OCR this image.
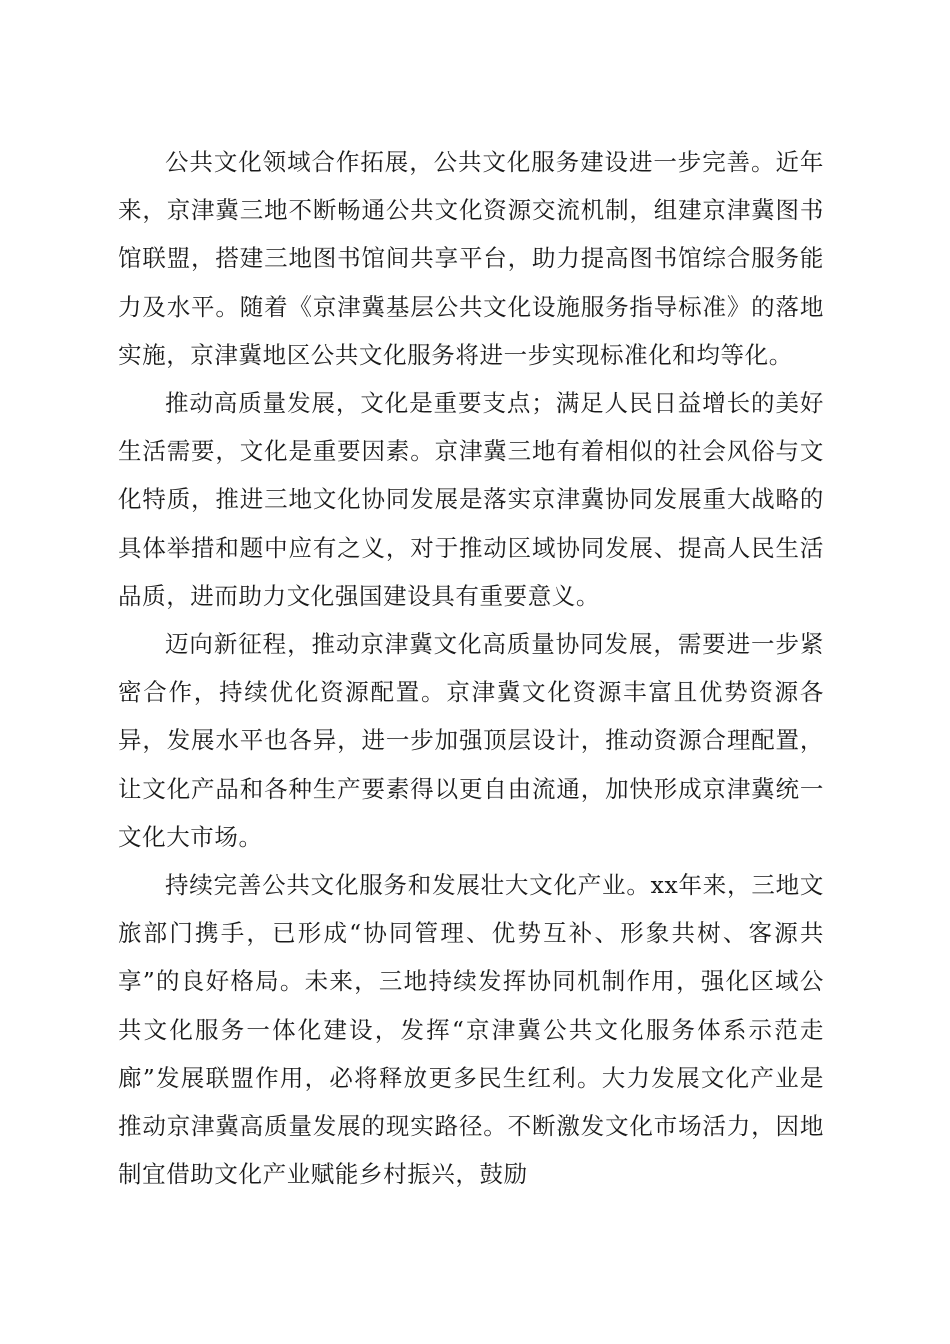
公共文化领域合作拓展，公共文化服务建设进一步完善。近年来，京津冀三地不断畅通公共文化资源交流机制，组建京津冀图书馆联盟，搭建三地图书馆间共享平台，助力提高图书馆综合服务能力及水平。随着《京津冀基层公共文化设施服务指导标准》的落地实施，京津冀地区公共文化服务将进一步实现标准化和均等化。

推动高质量发展，文化是重要支点；满足人民日益增长的美好生活需要，文化是重要因素。京津冀三地有着相似的社会风俗与文化特质，推进三地文化协同发展是落实京津冀协同发展重大战略的具体举措和题中应有之义，对于推动区域协同发展、提高人民生活品质，进而助力文化强国建设具有重要意义。

迈向新征程，推动京津冀文化高质量协同发展，需要进一步紧密合作，持续优化资源配置。京津冀文化资源丰富且优势资源各异，发展水平也各异，进一步加强顶层设计，推动资源合理配置，让文化产品和各种生产要素得以更自由流通，加快形成京津冀统一文化大市场。

持续完善公共文化服务和发展壮大文化产业。xx年来，三地文旅部门携手，已形成“协同管理、优势互补、形象共树、客源共享”的良好格局。未来，三地持续发挥协同机制作用，强化区域公共文化服务一体化建设，发挥“京津冀公共文化服务体系示范走廊”发展联盟作用，必将释放更多民生红利。大力发展文化产业是推动京津冀高质量发展的现实路径。不断激发文化市场活力，因地制宜借助文化产业赋能乡村振兴，鼓励
